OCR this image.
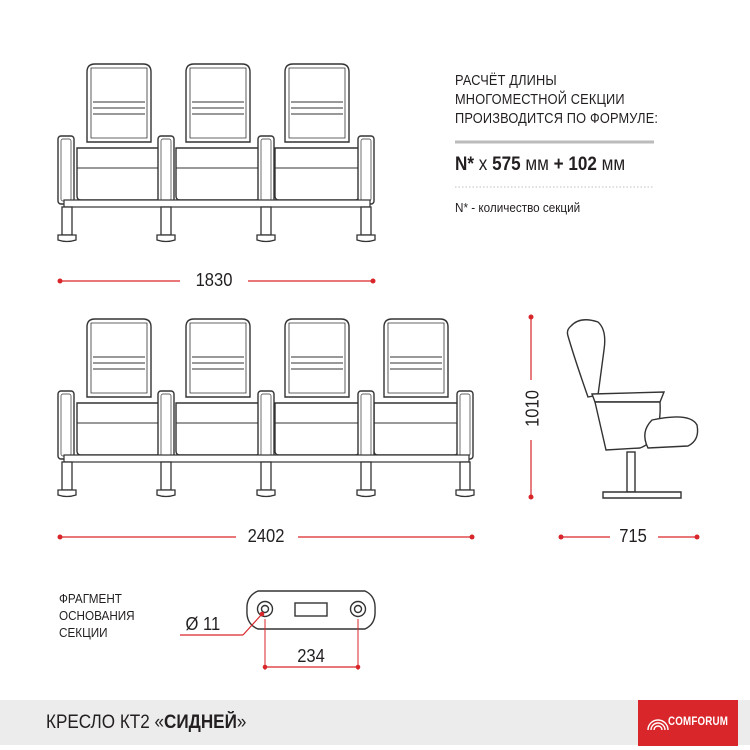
РАСЧЁТ ДЛИНЫ
МНОГОМЕСТНОЙ СЕКЦИИ
ПРОИЗВОДИТСЯ ПО ФОРМУЛЕ:
N* х 575 мм + 102 мм
N* - количество секций
1830
2402
1010
715
Ø 11
234
ФРАГМЕНТ
ОСНОВАНИЯ
СЕКЦИИ
КРЕСЛО КТ2 «СИДНЕЙ»	COMFORUM
